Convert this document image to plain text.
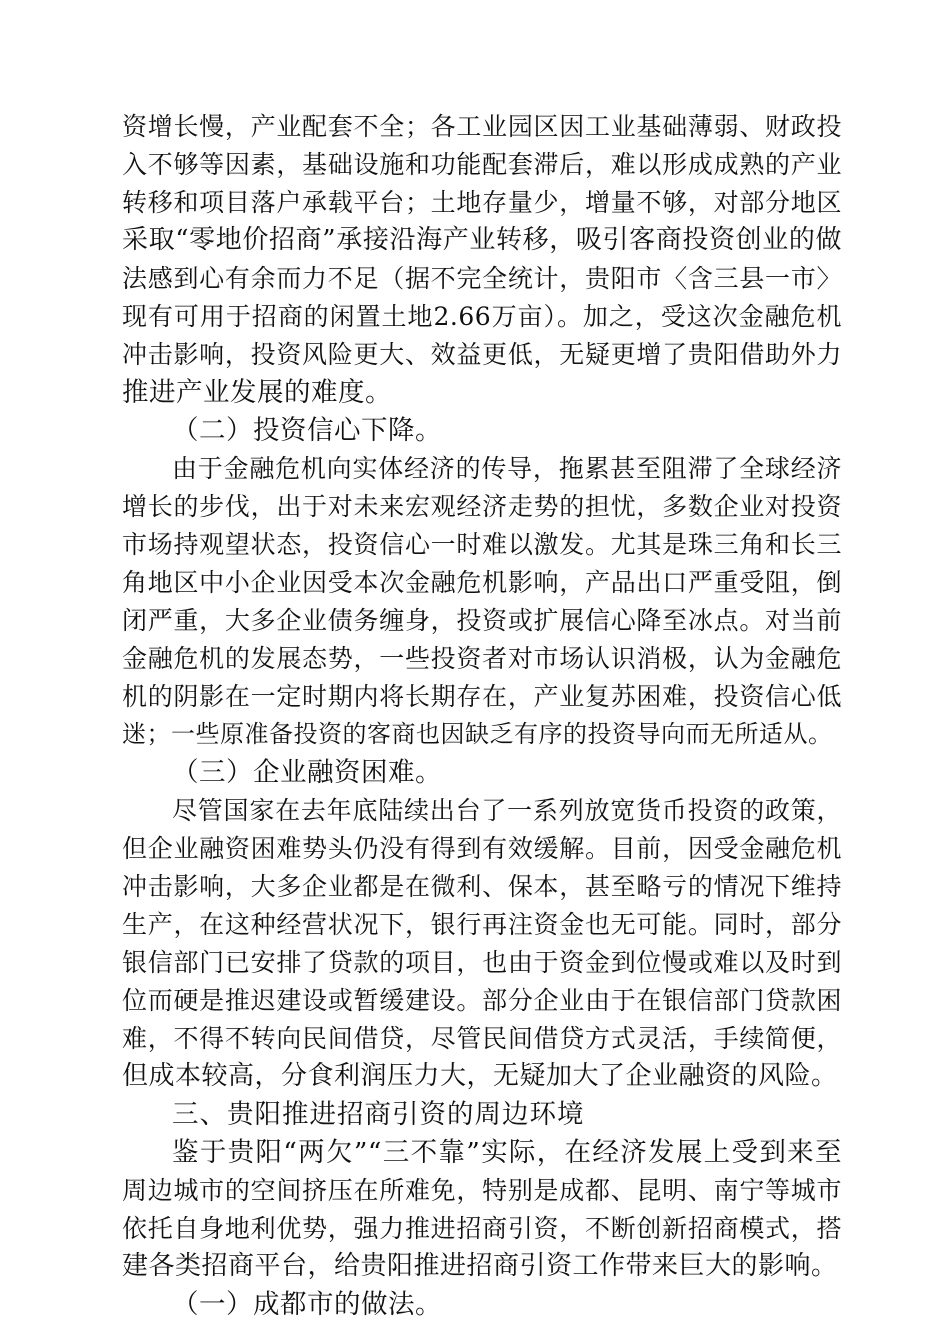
资增长慢，产业配套不全；各工业园区因工业基础薄弱、财政投
入不够等因素，基础设施和功能配套滞后，难以形成成熟的产业
转移和项目落户承载平台；土地存量少，增量不够，对部分地区
采取“零地价招商”承接沿海产业转移，吸引客商投资创业的做
法感到心有余而力不足（据不完全统计，贵阳市〈含三县一市〉
现有可用于招商的闲置土地2.66万亩）。加之，受这次金融危机
冲击影响，投资风险更大、效益更低，无疑更增了贵阳借助外力
推进产业发展的难度。
（二）投资信心下降。
由于金融危机向实体经济的传导，拖累甚至阻滞了全球经济
增长的步伐，出于对未来宏观经济走势的担忧，多数企业对投资
市场持观望状态，投资信心一时难以激发。尤其是珠三角和长三
角地区中小企业因受本次金融危机影响，产品出口严重受阻，倒
闭严重，大多企业债务缠身，投资或扩展信心降至冰点。对当前
金融危机的发展态势，一些投资者对市场认识消极，认为金融危
机的阴影在一定时期内将长期存在，产业复苏困难，投资信心低
迷；一些原准备投资的客商也因缺乏有序的投资导向而无所适从。
（三）企业融资困难。
尽管国家在去年底陆续出台了一系列放宽货币投资的政策，
但企业融资困难势头仍没有得到有效缓解。目前，因受金融危机
冲击影响，大多企业都是在微利、保本，甚至略亏的情况下维持
生产，在这种经营状况下，银行再注资金也无可能。同时，部分
银信部门已安排了贷款的项目，也由于资金到位慢或难以及时到
位而硬是推迟建设或暂缓建设。部分企业由于在银信部门贷款困
难，不得不转向民间借贷，尽管民间借贷方式灵活，手续简便，
但成本较高，分食利润压力大，无疑加大了企业融资的风险。
三、贵阳推进招商引资的周边环境
鉴于贵阳“两欠”“三不靠”实际，在经济发展上受到来至
周边城市的空间挤压在所难免，特别是成都、昆明、南宁等城市
依托自身地利优势，强力推进招商引资，不断创新招商模式，搭
建各类招商平台，给贵阳推进招商引资工作带来巨大的影响。
（一）成都市的做法。
